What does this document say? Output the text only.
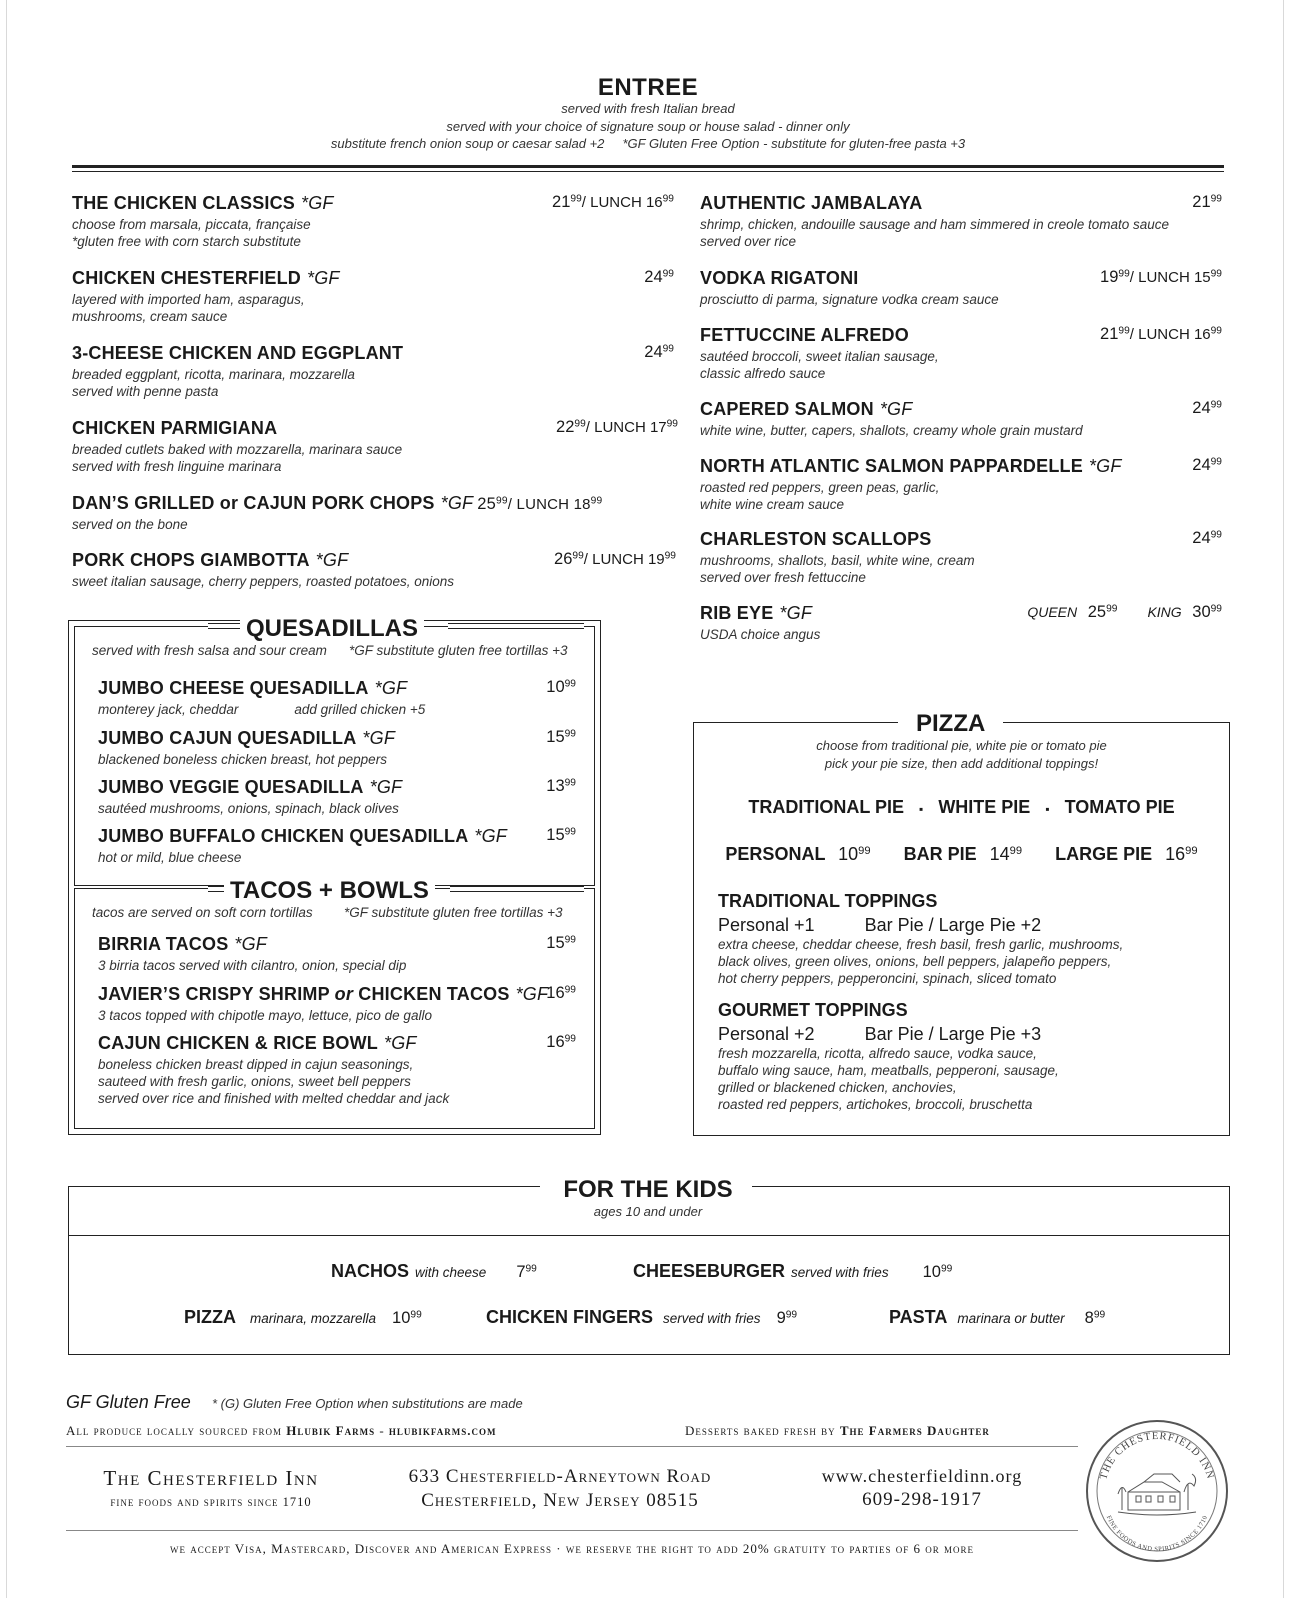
ENTREE
served with fresh Italian bread
served with your choice of signature soup or house salad - dinner only
substitute french onion soup or caesar salad +2     *GF Gluten Free Option - substitute for gluten-free pasta +3
THE CHICKEN CLASSICS *GF
choose from marsala, piccata, française
*gluten free with corn starch substitute
$21^{99}/$ LUNCH $16^{99}$
CHICKEN CHESTERFIELD *GF
layered with imported ham, asparagus,
mushrooms, cream sauce
$24^{99}$
3-CHEESE CHICKEN AND EGGPLANT
breaded eggplant, ricotta, marinara, mozzarella
served with penne pasta
$24^{99}$
CHICKEN PARMIGIANA
breaded cutlets baked with mozzarella, marinara sauce
served with fresh linguine marinara
$22^{99}/$ LUNCH $17^{99}$
DAN’S GRILLED or CAJUN PORK CHOPS *GF $25^{99}/$ LUNCH $18^{99}$
served on the bone
PORK CHOPS GIAMBOTTA *GF
sweet italian sausage, cherry peppers, roasted potatoes, onions
$26^{99}/$ LUNCH $19^{99}$
AUTHENTIC JAMBALAYA
shrimp, chicken, andouille sausage and ham simmered in creole tomato sauce
served over rice
$21^{99}$
VODKA RIGATONI
prosciutto di parma, signature vodka cream sauce
$19^{99}/$ LUNCH $15^{99}$
FETTUCCINE ALFREDO
sautéed broccoli, sweet italian sausage,
classic alfredo sauce
$21^{99}/$ LUNCH $16^{99}$
CAPERED SALMON *GF
white wine, butter, capers, shallots, creamy whole grain mustard
$24^{99}$
NORTH ATLANTIC SALMON PAPPARDELLE *GF
roasted red peppers, green peas, garlic,
white wine cream sauce
$24^{99}$
CHARLESTON SCALLOPS
mushrooms, shallots, basil, white wine, cream
served over fresh fettuccine
$24^{99}$
RIB EYE *GF
USDA choice angus
QUEEN $25^{99}$ KING $30^{99}$
QUESADILLAS
served with fresh salsa and sour cream *GF substitute gluten free tortillas +3
JUMBO CHEESE QUESADILLA *GF
monterey jack, cheddar	add grilled chicken +5
$10^{99}$
JUMBO CAJUN QUESADILLA *GF
blackened boneless chicken breast, hot peppers
$15^{99}$
JUMBO VEGGIE QUESADILLA *GF
sautéed mushrooms, onions, spinach, black olives
$13^{99}$
JUMBO BUFFALO CHICKEN QUESADILLA *GF
hot or mild, blue cheese
$15^{99}$
TACOS + BOWLS
tacos are served on soft corn tortillas *GF substitute gluten free tortillas +3
BIRRIA TACOS *GF
3 birria tacos served with cilantro, onion, special dip
$15^{99}$
JAVIER’S CRISPY SHRIMP or CHICKEN TACOS *GF
3 tacos topped with chipotle mayo, lettuce, pico de gallo
$16^{99}$
CAJUN CHICKEN & RICE BOWL *GF
boneless chicken breast dipped in cajun seasonings,
sauteed with fresh garlic, onions, sweet bell peppers
served over rice and finished with melted cheddar and jack
$16^{99}$
PIZZA
choose from traditional pie, white pie or tomato pie
pick your pie size, then add additional toppings!
TRADITIONAL PIE ▪ WHITE PIE ▪ TOMATO PIE
PERSONAL $10^{99}$ BAR PIE $14^{99}$ LARGE PIE $16^{99}$
TRADITIONAL TOPPINGS
Personal +1	Bar Pie / Large Pie +2
extra cheese, cheddar cheese, fresh basil, fresh garlic, mushrooms,
black olives, green olives, onions, bell peppers, jalapeño peppers,
hot cherry peppers, pepperoncini, spinach, sliced tomato
GOURMET TOPPINGS
Personal +2	Bar Pie / Large Pie +3
fresh mozzarella, ricotta, alfredo sauce, vodka sauce,
buffalo wing sauce, ham, meatballs, pepperoni, sausage,
grilled or blackened chicken, anchovies,
roasted red peppers, artichokes, broccoli, bruschetta
FOR THE KIDS
ages 10 and under
NACHOS with cheese $7^{99}$	CHEESEBURGER served with fries $10^{99}$
PIZZA marinara, mozzarella $10^{99}$	CHICKEN FINGERS served with fries $9^{99}$	PASTA marinara or butter $8^{99}$
GF Gluten Free * (G) Gluten Free Option when substitutions are made
All produce locally sourced from Hlubik Farms - hlubikfarms.com	Desserts baked fresh by The Farmers Daughter
The Chesterfield Inn
fine foods and spirits since 1710
633 Chesterfield-Arneytown Road
Chesterfield, New Jersey 08515
www.chesterfieldinn.org
609-298-1917
we accept Visa, Mastercard, Discover and American Express · we reserve the right to add 20% gratuity to parties of 6 or more
THE CHESTERFIELD INN
FINE FOODS AND SPIRITS SINCE 1710
